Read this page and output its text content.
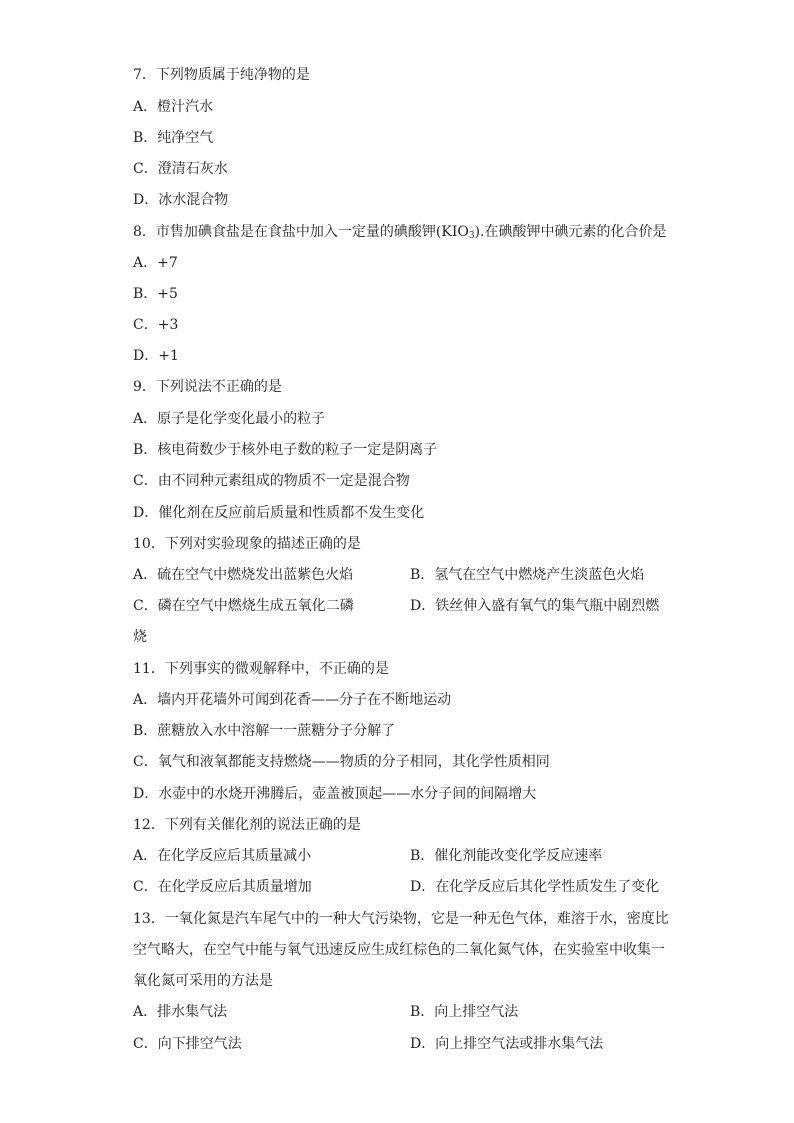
7．下列物质属于纯净物的是
A．橙汁汽水
B．纯净空气
C．澄清石灰水
D．冰水混合物
8．市售加碘食盐是在食盐中加入一定量的碘酸钾$(KIO_3)$.在碘酸钾中碘元素的化合价是
A．+7
B．+5
C．+3
D．+1
9．下列说法不正确的是
A．原子是化学变化最小的粒子
B．核电荷数少于核外电子数的粒子一定是阴离子
C．由不同种元素组成的物质不一定是混合物
D．催化剂在反应前后质量和性质都不发生变化
10．下列对实验现象的描述正确的是
A．硫在空气中燃烧发出蓝紫色火焰	B．氢气在空气中燃烧产生淡蓝色火焰
C．磷在空气中燃烧生成五氧化二磷	D．铁丝伸入盛有氧气的集气瓶中剧烈燃
烧
11．下列事实的微观解释中，不正确的是
A．墙内开花墙外可闻到花香——分子在不断地运动
B．蔗糖放入水中溶解一一蔗糖分子分解了
C．氧气和液氧都能支持燃烧——物质的分子相同，其化学性质相同
D．水壶中的水烧开沸腾后，壶盖被顶起——水分子间的间隔增大
12．下列有关催化剂的说法正确的是
A．在化学反应后其质量减小	B．催化剂能改变化学反应速率
C．在化学反应后其质量增加	D．在化学反应后其化学性质发生了变化
13．一氧化氮是汽车尾气中的一种大气污染物，它是一种无色气体，难溶于水，密度比
空气略大，在空气中能与氧气迅速反应生成红棕色的二氧化氮气体，在实验室中收集一
氧化氮可采用的方法是
A．排水集气法	B．向上排空气法
C．向下排空气法	D．向上排空气法或排水集气法
